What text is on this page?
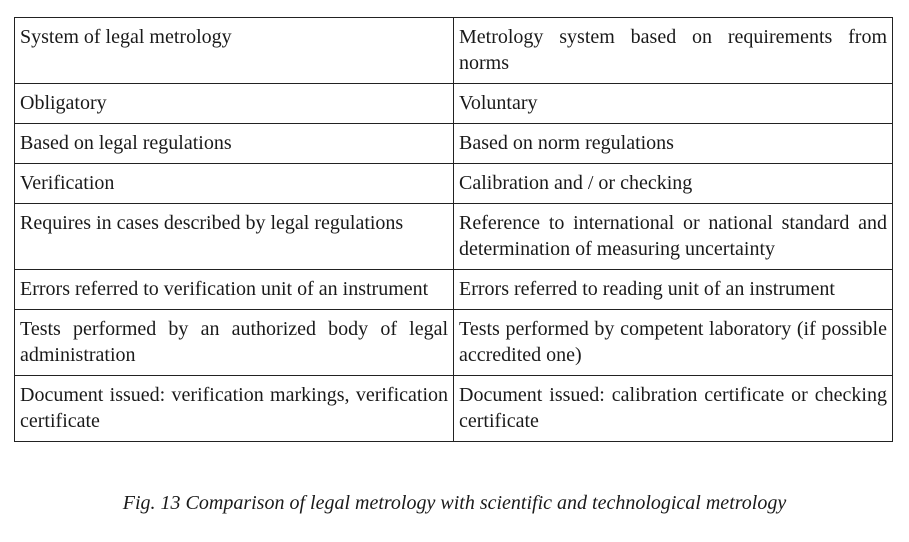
System of legal metrology	Metrology system based on requirements from norms
Obligatory	Voluntary
Based on legal regulations	Based on norm regulations
Verification	Calibration and / or checking
Requires in cases described by legal regulations	Reference to international or national standard and determination of measuring uncertainty
Errors referred to verification unit of an instrument	Errors referred to reading unit of an instrument
Tests performed by an authorized body of legal administration	Tests performed by competent laboratory (if possible accredited one)
Document issued: verification markings, verification certificate	Document issued: calibration certificate or checking certificate
Fig. 13 Comparison of legal metrology with scientific and technological metrology
